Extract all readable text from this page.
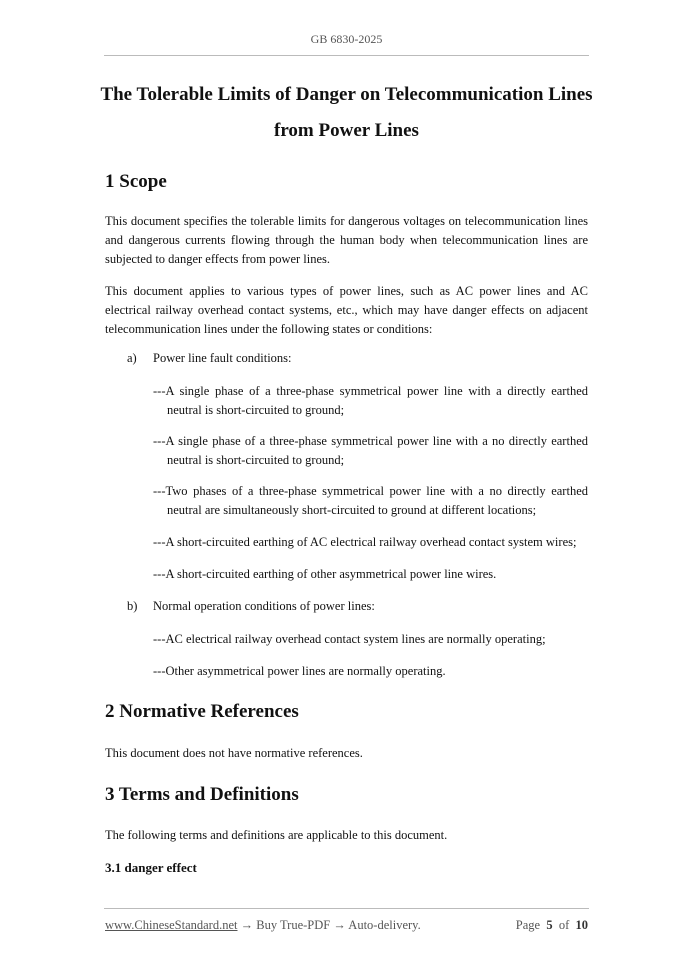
GB 6830-2025
The Tolerable Limits of Danger on Telecommunication Lines
from Power Lines
1 Scope
This document specifies the tolerable limits for dangerous voltages on telecommunication lines and dangerous currents flowing through the human body when telecommunication lines are subjected to danger effects from power lines.
This document applies to various types of power lines, such as AC power lines and AC electrical railway overhead contact systems, etc., which may have danger effects on adjacent telecommunication lines under the following states or conditions:
a) Power line fault conditions:
---A single phase of a three-phase symmetrical power line with a directly earthed neutral is short-circuited to ground;
---A single phase of a three-phase symmetrical power line with a no directly earthed neutral is short-circuited to ground;
---Two phases of a three-phase symmetrical power line with a no directly earthed neutral are simultaneously short-circuited to ground at different locations;
---A short-circuited earthing of AC electrical railway overhead contact system wires;
---A short-circuited earthing of other asymmetrical power line wires.
b) Normal operation conditions of power lines:
---AC electrical railway overhead contact system lines are normally operating;
---Other asymmetrical power lines are normally operating.
2 Normative References
This document does not have normative references.
3 Terms and Definitions
The following terms and definitions are applicable to this document.
3.1 danger effect
www.ChineseStandard.net → Buy True-PDF → Auto-delivery.	Page 5 of 10
